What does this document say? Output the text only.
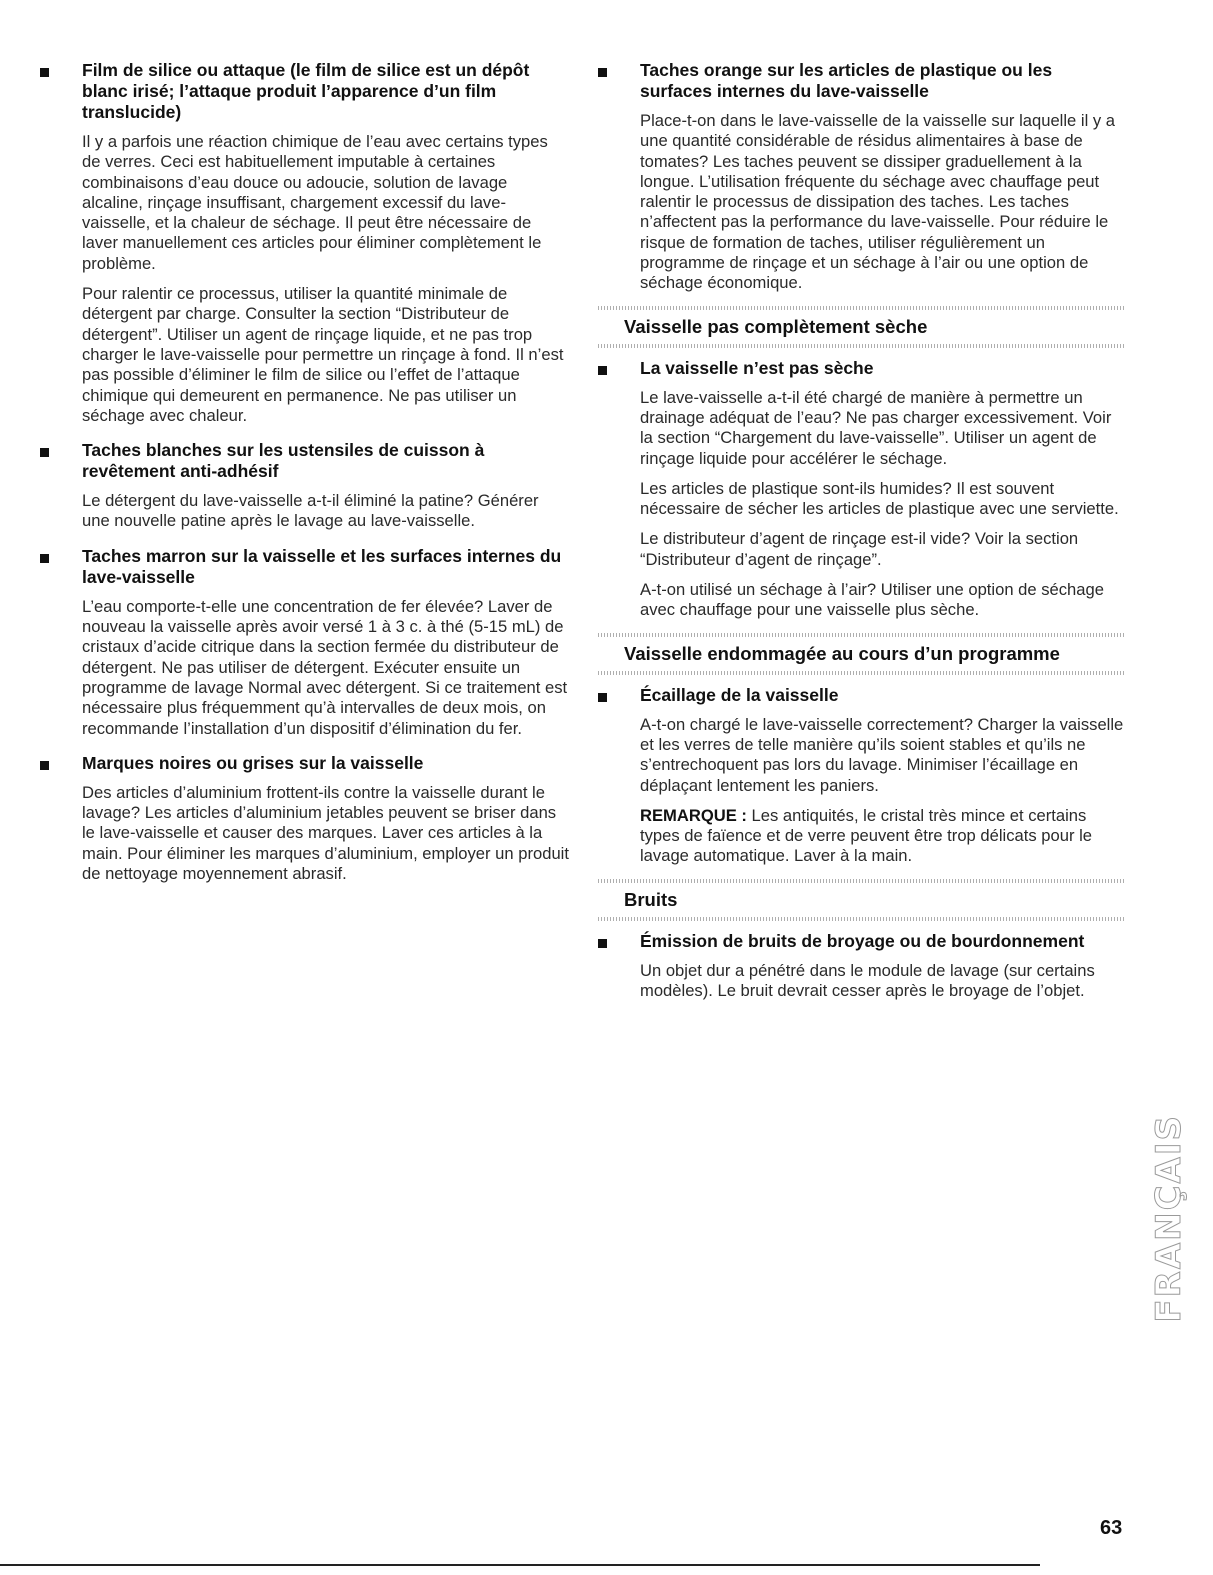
Film de silice ou attaque (le film de silice est un dépôt blanc irisé; l’attaque produit l’apparence d’un film translucide)

Il y a parfois une réaction chimique de l’eau avec certains types de verres. Ceci est habituellement imputable à certaines combinaisons d’eau douce ou adoucie, solution de lavage alcaline, rinçage insuffisant, chargement excessif du lave-vaisselle, et la chaleur de séchage. Il peut être nécessaire de laver manuellement ces articles pour éliminer complètement le problème.

Pour ralentir ce processus, utiliser la quantité minimale de détergent par charge. Consulter la section “Distributeur de détergent”. Utiliser un agent de rinçage liquide, et ne pas trop charger le lave-vaisselle pour permettre un rinçage à fond. Il n’est pas possible d’éliminer le film de silice ou l’effet de l’attaque chimique qui demeurent en permanence. Ne pas utiliser un séchage avec chaleur.

Taches blanches sur les ustensiles de cuisson à revêtement anti-adhésif

Le détergent du lave-vaisselle a-t-il éliminé la patine? Générer une nouvelle patine après le lavage au lave-vaisselle.

Taches marron sur la vaisselle et les surfaces internes du lave-vaisselle

L’eau comporte-t-elle une concentration de fer élevée? Laver de nouveau la vaisselle après avoir versé 1 à 3 c. à thé (5-15 mL) de cristaux d’acide citrique dans la section fermée du distributeur de détergent. Ne pas utiliser de détergent. Exécuter ensuite un programme de lavage Normal avec détergent. Si ce traitement est nécessaire plus fréquemment qu’à intervalles de deux mois, on recommande l’installation d’un dispositif d’élimination du fer.

Marques noires ou grises sur la vaisselle

Des articles d’aluminium frottent-ils contre la vaisselle durant le lavage? Les articles d’aluminium jetables peuvent se briser dans le lave-vaisselle et causer des marques. Laver ces articles à la main. Pour éliminer les marques d’aluminium, employer un produit de nettoyage moyennement abrasif.

Taches orange sur les articles de plastique ou les surfaces internes du lave-vaisselle

Place-t-on dans le lave-vaisselle de la vaisselle sur laquelle il y a une quantité considérable de résidus alimentaires à base de tomates? Les taches peuvent se dissiper graduellement à la longue. L’utilisation fréquente du séchage avec chauffage peut ralentir le processus de dissipation des taches. Les taches n’affectent pas la performance du lave-vaisselle. Pour réduire le risque de formation de taches, utiliser régulièrement un programme de rinçage et un séchage à l’air ou une option de séchage économique.

Vaisselle pas complètement sèche
La vaisselle n’est pas sèche

Le lave-vaisselle a-t-il été chargé de manière à permettre un drainage adéquat de l’eau? Ne pas charger excessivement. Voir la section “Chargement du lave-vaisselle”. Utiliser un agent de rinçage liquide pour accélérer le séchage.

Les articles de plastique sont-ils humides? Il est souvent nécessaire de sécher les articles de plastique avec une serviette.

Le distributeur d’agent de rinçage est-il vide? Voir la section “Distributeur d’agent de rinçage”.

A-t-on utilisé un séchage à l’air? Utiliser une option de séchage avec chauffage pour une vaisselle plus sèche.

Vaisselle endommagée au cours d’un programme
Écaillage de la vaisselle

A-t-on chargé le lave-vaisselle correctement? Charger la vaisselle et les verres de telle manière qu’ils soient stables et qu’ils ne s’entrechoquent pas lors du lavage. Minimiser l’écaillage en déplaçant lentement les paniers.

REMARQUE : Les antiquités, le cristal très mince et certains types de faïence et de verre peuvent être trop délicats pour le lavage automatique. Laver à la main.

Bruits
Émission de bruits de broyage ou de bourdonnement

Un objet dur a pénétré dans le module de lavage (sur certains modèles). Le bruit devrait cesser après le broyage de l’objet.

FRANÇAIS
63
